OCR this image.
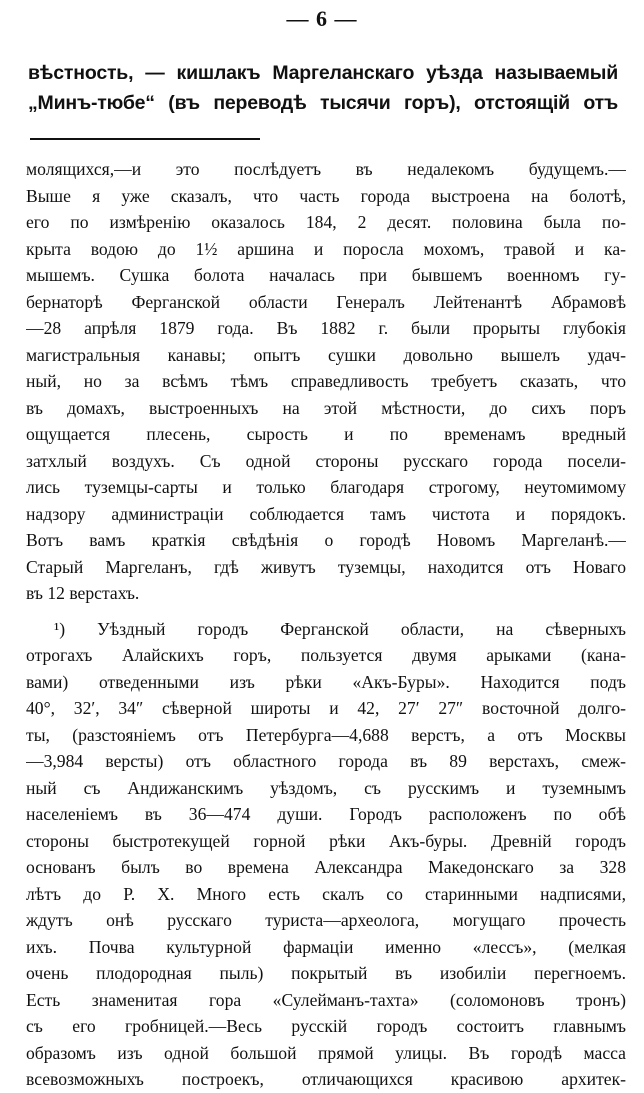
— 6 —
вѣстность, — кишлакъ Маргеланскаго уѣзда называемый
„Минъ-тюбе“ (въ переводѣ тысячи горъ), отстоящій отъ
молящихся,—и это послѣдуетъ въ недалекомъ будущемъ.—
Выше я уже сказалъ, что часть города выстроена на болотѣ,
его по измѣренію оказалось 184, 2 десят. половина была по-
крыта водою до 1½ аршина и поросла мохомъ, травой и ка-
мышемъ. Сушка болота началась при бывшемъ военномъ гу-
бернаторѣ Ферганской области Генералъ Лейтенантѣ Абрамовѣ
—28 апрѣля 1879 года. Въ 1882 г. были прорыты глубокія
магистральныя канавы; опытъ сушки довольно вышелъ удач-
ный, но за всѣмъ тѣмъ справедливость требуетъ сказать, что
въ домахъ, выстроенныхъ на этой мѣстности, до сихъ поръ
ощущается плесень, сырость и по временамъ вредный
затхлый воздухъ. Съ одной стороны русскаго города посели-
лись туземцы-сарты и только благодаря строгому, неутомимому
надзору администраціи соблюдается тамъ чистота и порядокъ.
Вотъ вамъ краткія свѣдѣнія о городѣ Новомъ Маргеланѣ.—
Старый Маргеланъ, гдѣ живутъ туземцы, находится отъ Новаго
въ 12 верстахъ.
¹) Уѣздный городъ Ферганской области, на сѣверныхъ
отрогахъ Алайскихъ горъ, пользуется двумя арыками (кана-
вами) отведенными изъ рѣки «Акъ-Буры». Находится подъ
40°, 32′, 34″ сѣверной широты и 42, 27′ 27″ восточной долго-
ты, (разстояніемъ отъ Петербурга—4,688 верстъ, а отъ Москвы
—3,984 версты) отъ областного города въ 89 верстахъ, смеж-
ный съ Андижанскимъ уѣздомъ, съ русскимъ и туземнымъ
населеніемъ въ 36—474 души. Городъ расположенъ по обѣ
стороны быстротекущей горной рѣки Акъ-буры. Древній городъ
основанъ былъ во времена Александра Македонскаго за 328
лѣтъ до Р. Х. Много есть скалъ со старинными надписями,
ждутъ онѣ русскаго туриста—археолога, могущаго прочесть
ихъ. Почва культурной фармаціи именно «лессъ», (мелкая
очень плодородная пыль) покрытый въ изобиліи перегноемъ.
Есть знаменитая гора «Сулейманъ-тахта» (соломоновъ тронъ)
съ его гробницей.—Весь русскій городъ состоитъ главнымъ
образомъ изъ одной большой прямой улицы. Въ городѣ масса
всевозможныхъ построекъ, отличающихся красивою архитек-
